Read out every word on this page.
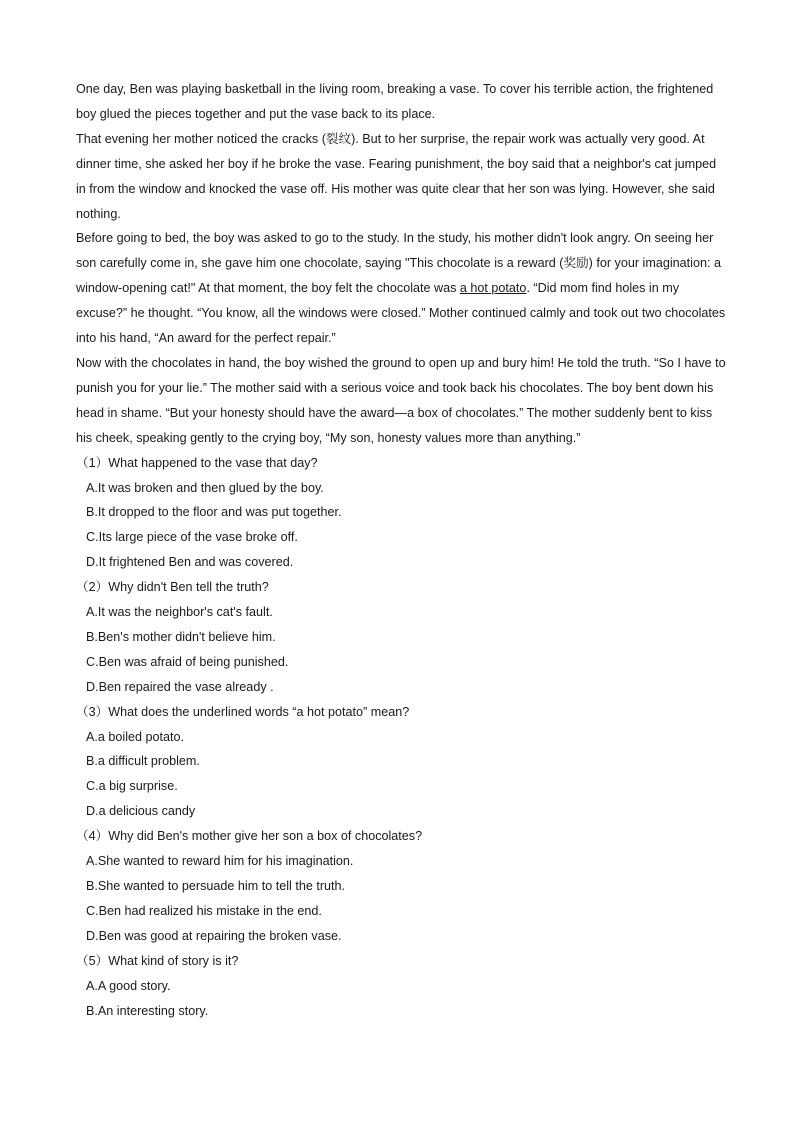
One day, Ben was playing basketball in the living room, breaking a vase. To cover his terrible action, the frightened boy glued the pieces together and put the vase back to its place.

That evening her mother noticed the cracks (裂纹). But to her surprise, the repair work was actually very good. At dinner time, she asked her boy if he broke the vase. Fearing punishment, the boy said that a neighbor's cat jumped in from the window and knocked the vase off. His mother was quite clear that her son was lying. However, she said nothing.

Before going to bed, the boy was asked to go to the study. In the study, his mother didn't look angry. On seeing her son carefully come in, she gave him one chocolate, saying "This chocolate is a reward (奖励) for your imagination: a window-opening cat!" At that moment, the boy felt the chocolate was a hot potato. “Did mom find holes in my excuse?” he thought. “You know, all the windows were closed.” Mother continued calmly and took out two chocolates into his hand, “An award for the perfect repair.”

Now with the chocolates in hand, the boy wished the ground to open up and bury him! He told the truth. “So I have to punish you for your lie.” The mother said with a serious voice and took back his chocolates. The boy bent down his head in shame. “But your honesty should have the award—a box of chocolates.” The mother suddenly bent to kiss his cheek, speaking gently to the crying boy, “My son, honesty values more than anything.”

（1）What happened to the vase that day?

A.It was broken and then glued by the boy.

B.It dropped to the floor and was put together.

C.Its large piece of the vase broke off.

D.It frightened Ben and was covered.

（2）Why didn't Ben tell the truth?

A.It was the neighbor's cat's fault.

B.Ben's mother didn't believe him.

C.Ben was afraid of being punished.

D.Ben repaired the vase already .

（3）What does the underlined words “a hot potato” mean?

A.a boiled potato.

B.a difficult problem.

C.a big surprise.

D.a delicious candy

（4）Why did Ben's mother give her son a box of chocolates?

A.She wanted to reward him for his imagination.

B.She wanted to persuade him to tell the truth.

C.Ben had realized his mistake in the end.

D.Ben was good at repairing the broken vase.

（5）What kind of story is it?

A.A good story.

B.An interesting story.
